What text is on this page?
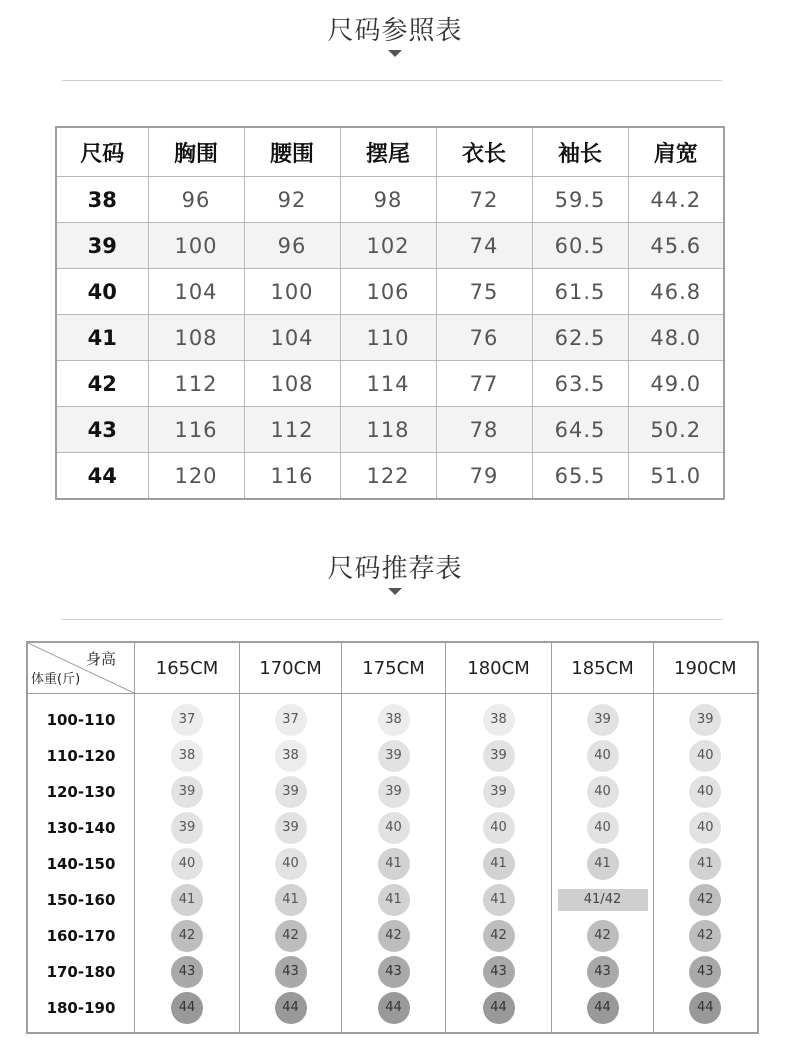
尺码参照表
尺码	胸围	腰围	摆尾	衣长	袖长	肩宽
38	96	92	98	72	59.5	44.2
39	100	96	102	74	60.5	45.6
40	104	100	106	75	61.5	46.8
41	108	104	110	76	62.5	48.0
42	112	108	114	77	63.5	49.0
43	116	112	118	78	64.5	50.2
44	120	116	122	79	65.5	51.0
尺码推荐表
身高
体重(斤)	165CM	170CM	175CM	180CM	185CM	190CM
100-110	37	37	38	38	39	39
110-120	38	38	39	39	40	40
120-130	39	39	39	39	40	40
130-140	39	39	40	40	40	40
140-150	40	40	41	41	41	41
150-160	41	41	41	41	41/42	42
160-170	42	42	42	42	42	42
170-180	43	43	43	43	43	43
180-190	44	44	44	44	44	44
